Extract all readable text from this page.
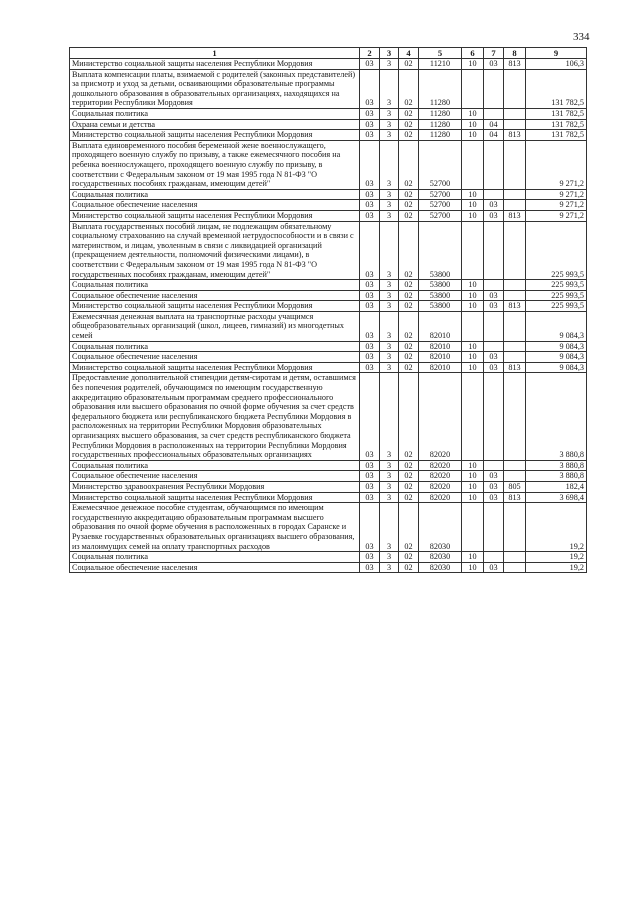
334
1	2	3	4	5	6	7	8	9
Министерство социальной защиты населения Республики Мордовия	03	3	02	11210	10	03	813	106,3
Выплата компенсации платы, взимаемой с родителей (законных представителей) за присмотр и уход за детьми, осваивающими образовательные программы дошкольного образования в образовательных организациях, находящихся на территории Республики Мордовия	03	3	02	11280				131 782,5
Социальная политика	03	3	02	11280	10			131 782,5
Охрана семьи и детства	03	3	02	11280	10	04		131 782,5
Министерство социальной защиты населения Республики Мордовия	03	3	02	11280	10	04	813	131 782,5
Выплата единовременного пособия беременной жене военнослужащего, проходящего военную службу по призыву, а также ежемесячного пособия на ребенка военнослужащего, проходящего военную службу по призыву, в соответствии с Федеральным законом от 19 мая 1995 года N 81-ФЗ "О государственных пособиях гражданам, имеющим детей"	03	3	02	52700				9 271,2
Социальная политика	03	3	02	52700	10			9 271,2
Социальное обеспечение населения	03	3	02	52700	10	03		9 271,2
Министерство социальной защиты населения Республики Мордовия	03	3	02	52700	10	03	813	9 271,2
Выплата государственных пособий лицам, не подлежащим обязательному социальному страхованию на случай временной нетрудоспособности и в связи с материнством, и лицам, уволенным в связи с ликвидацией организаций (прекращением деятельности, полномочий физическими лицами), в соответствии с Федеральным законом от 19 мая 1995 года N 81-ФЗ "О государственных пособиях гражданам, имеющим детей"	03	3	02	53800				225 993,5
Социальная политика	03	3	02	53800	10			225 993,5
Социальное обеспечение населения	03	3	02	53800	10	03		225 993,5
Министерство социальной защиты населения Республики Мордовия	03	3	02	53800	10	03	813	225 993,5
Ежемесячная денежная выплата на транспортные расходы учащимся общеобразовательных организаций (школ, лицеев, гимназий) из многодетных семей	03	3	02	82010				9 084,3
Социальная политика	03	3	02	82010	10			9 084,3
Социальное обеспечение населения	03	3	02	82010	10	03		9 084,3
Министерство социальной защиты населения Республики Мордовия	03	3	02	82010	10	03	813	9 084,3
Предоставление дополнительной стипендии детям-сиротам и детям, оставшимся без попечения родителей, обучающимся по имеющим государственную аккредитацию образовательным программам среднего профессионального образования или высшего образования по очной форме обучения за счет средств федерального бюджета или республиканского бюджета Республики Мордовия в расположенных на территории Республики Мордовия образовательных организациях высшего образования, за счет средств республиканского бюджета Республики Мордовия в расположенных на территории Республики Мордовия государственных профессиональных образовательных организациях	03	3	02	82020				3 880,8
Социальная политика	03	3	02	82020	10			3 880,8
Социальное обеспечение населения	03	3	02	82020	10	03		3 880,8
Министерство здравоохранения Республики Мордовия	03	3	02	82020	10	03	805	182,4
Министерство социальной защиты населения Республики Мордовия	03	3	02	82020	10	03	813	3 698,4
Ежемесячное денежное пособие студентам, обучающимся по имеющим государственную аккредитацию образовательным программам высшего образования по очной форме обучения в расположенных в городах Саранске и Рузаевке государственных образовательных организациях высшего образования, из малоимущих семей на оплату транспортных расходов	03	3	02	82030				19,2
Социальная политика	03	3	02	82030	10			19,2
Социальное обеспечение населения	03	3	02	82030	10	03		19,2
